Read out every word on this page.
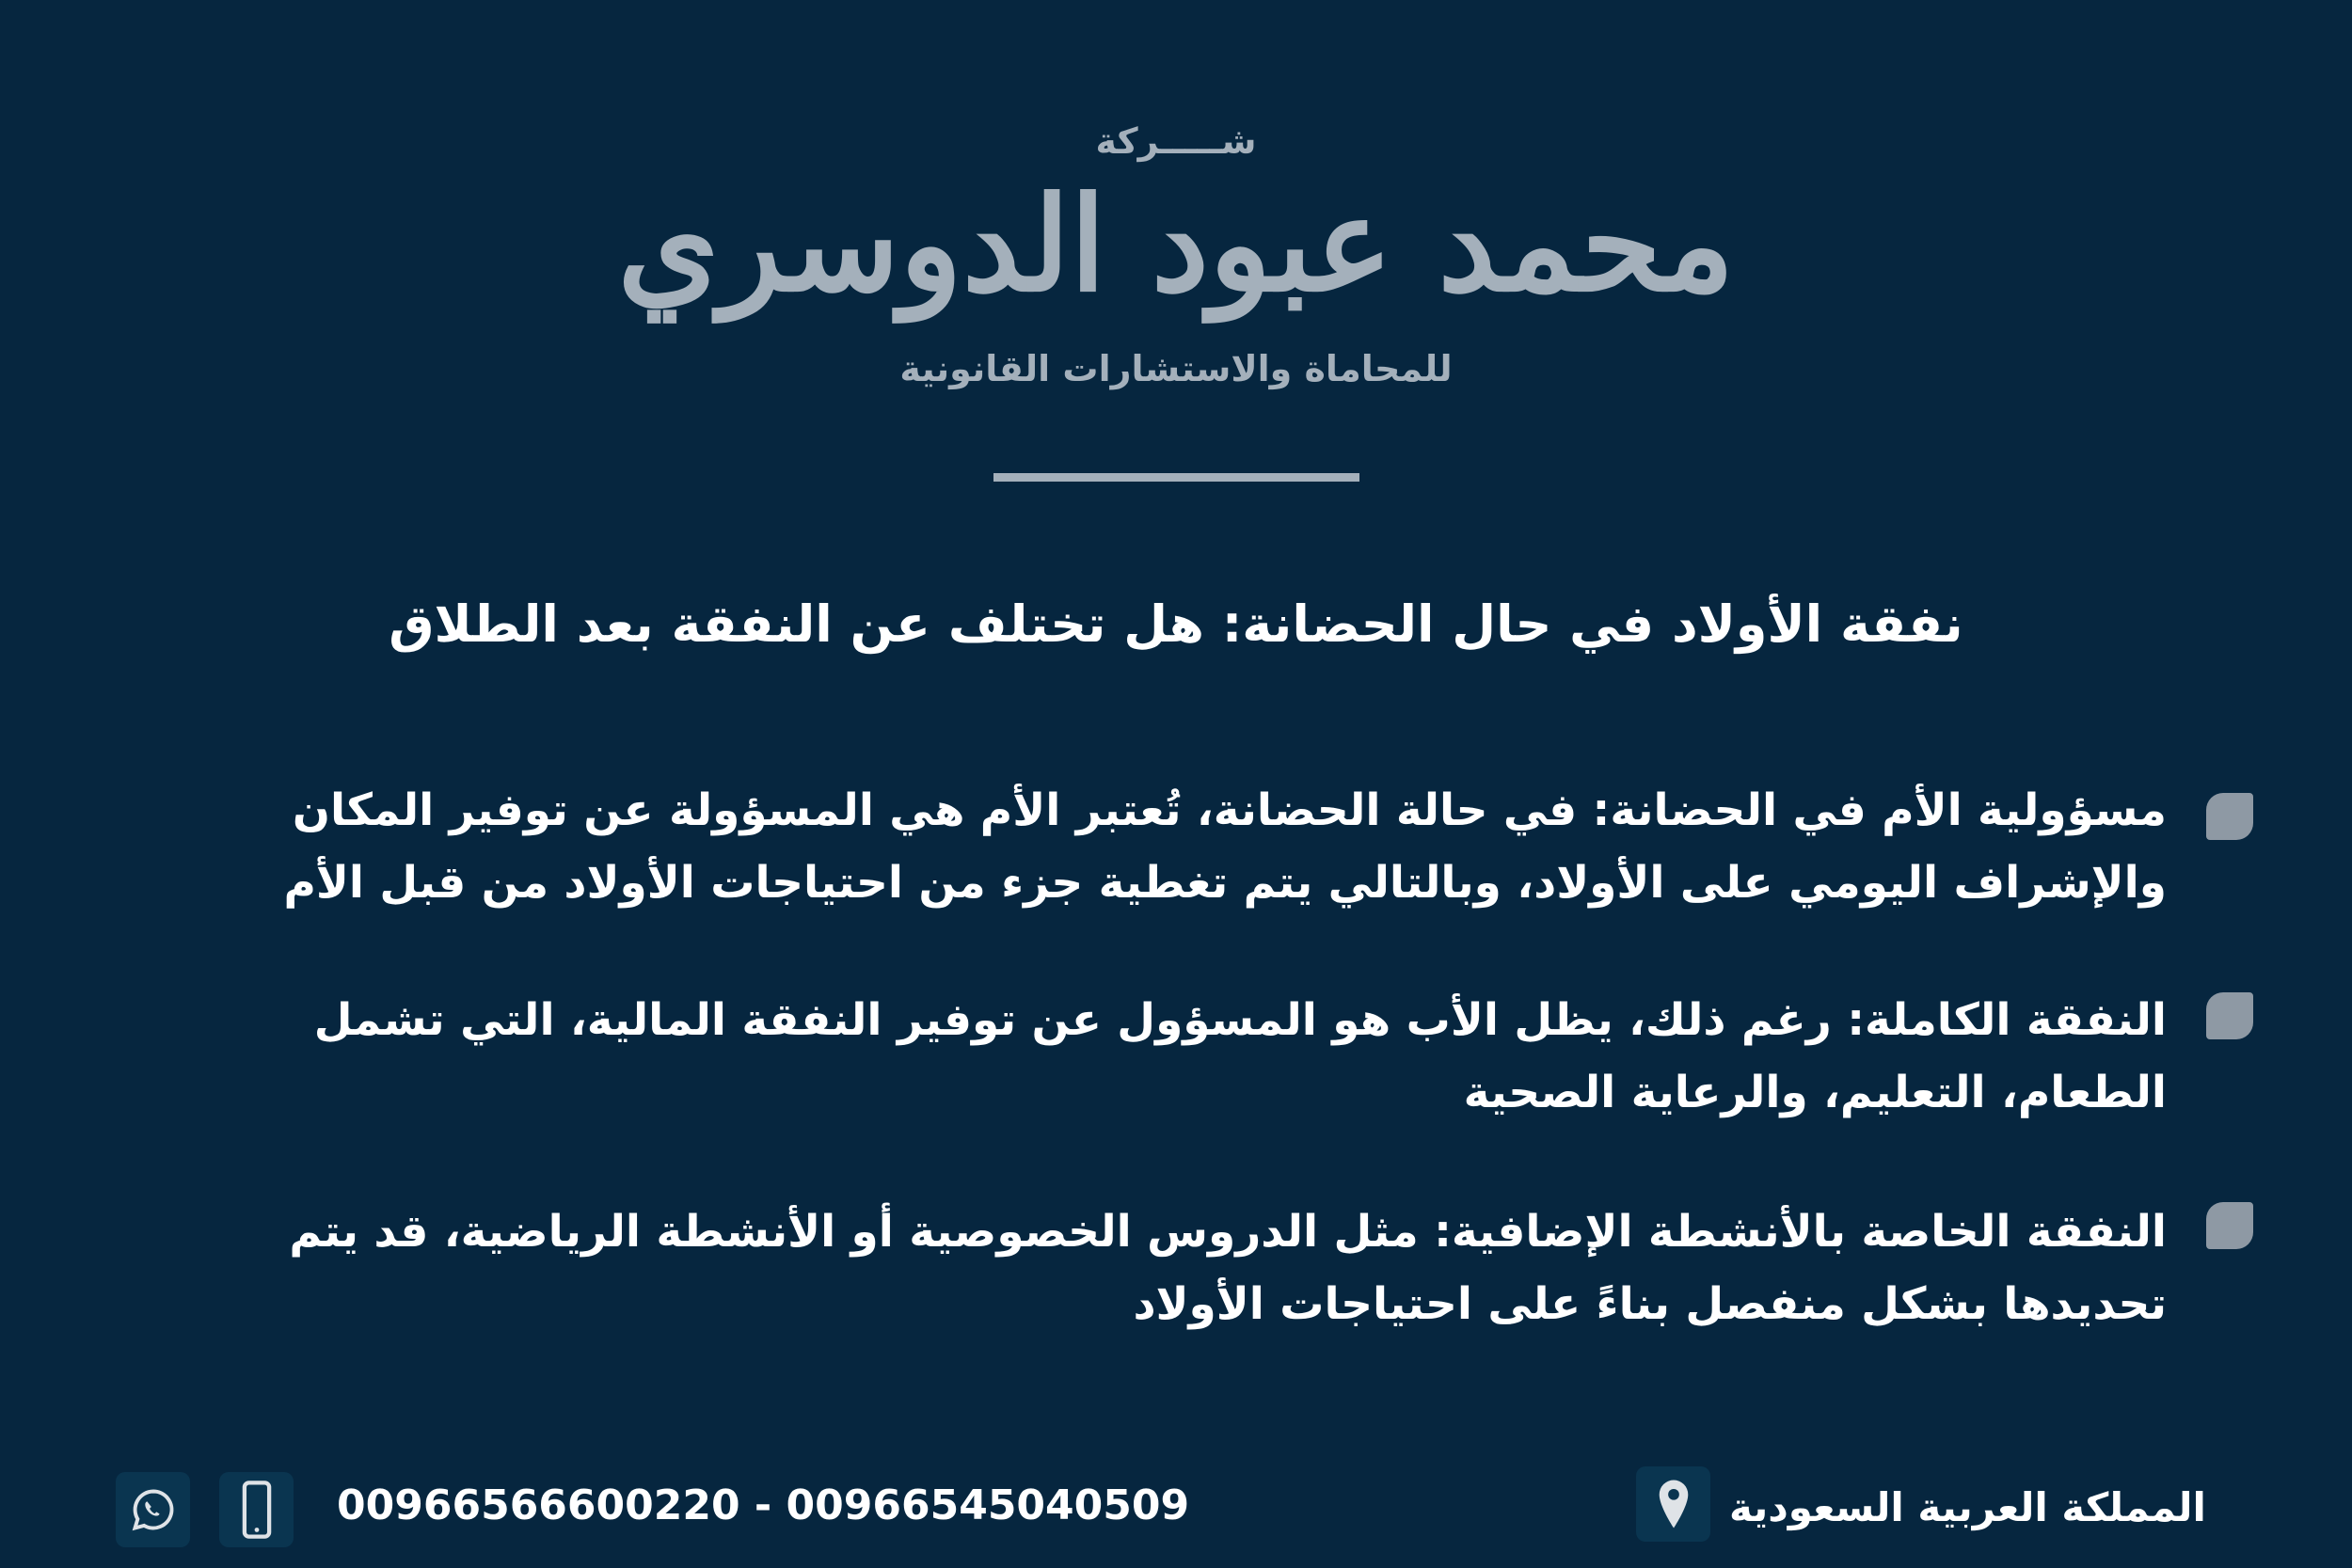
شـــــركة
محمد عبود الدوسري
للمحاماة والاستشارات القانونية
نفقة الأولاد في حال الحضانة: هل تختلف عن النفقة بعد الطلاق
مسؤولية الأم في الحضانة: في حالة الحضانة، تُعتبر الأم هي المسؤولة عن توفير المكان والإشراف اليومي على الأولاد، وبالتالي يتم تغطية جزء من احتياجات الأولاد من قبل الأم
النفقة الكاملة: رغم ذلك، يظل الأب هو المسؤول عن توفير النفقة المالية، التي تشمل الطعام، التعليم، والرعاية الصحية
النفقة الخاصة بالأنشطة الإضافية: مثل الدروس الخصوصية أو الأنشطة الرياضية، قد يتم تحديدها بشكل منفصل بناءً على احتياجات الأولاد
00966566600220 - 00966545040509	المملكة العربية السعودية
